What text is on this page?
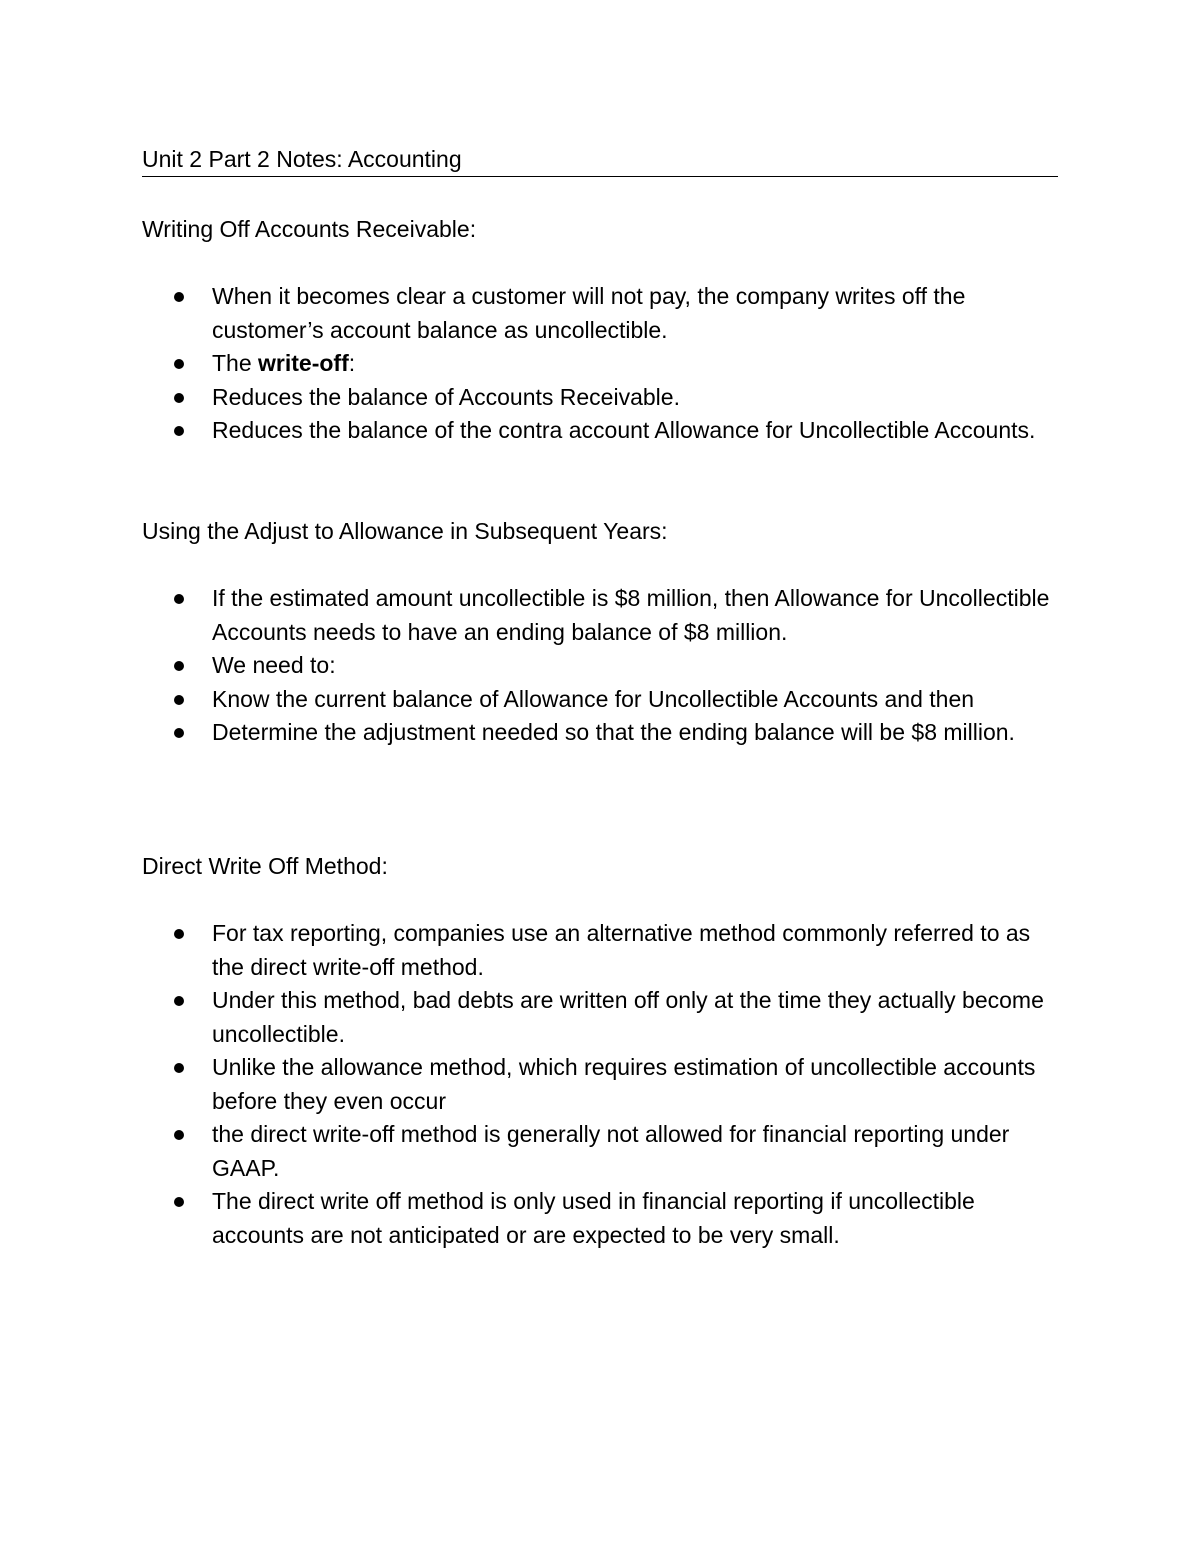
Unit 2 Part 2 Notes: Accounting
Writing Off Accounts Receivable:
When it becomes clear a customer will not pay, the company writes off the customer’s account balance as uncollectible.
The write-off:
Reduces the balance of Accounts Receivable.
Reduces the balance of the contra account Allowance for Uncollectible Accounts.
Using the Adjust to Allowance in Subsequent Years:
If the estimated amount uncollectible is $8 million, then Allowance for Uncollectible Accounts needs to have an ending balance of $8 million.
We need to:
Know the current balance of Allowance for Uncollectible Accounts and then
Determine the adjustment needed so that the ending balance will be $8 million.
Direct Write Off Method:
For tax reporting, companies use an alternative method commonly referred to as the direct write-off method.
Under this method, bad debts are written off only at the time they actually become uncollectible.
Unlike the allowance method, which requires estimation of uncollectible accounts before they even occur
the direct write-off method is generally not allowed for financial reporting under GAAP.
The direct write off method is only used in financial reporting if uncollectible accounts are not anticipated or are expected to be very small.
